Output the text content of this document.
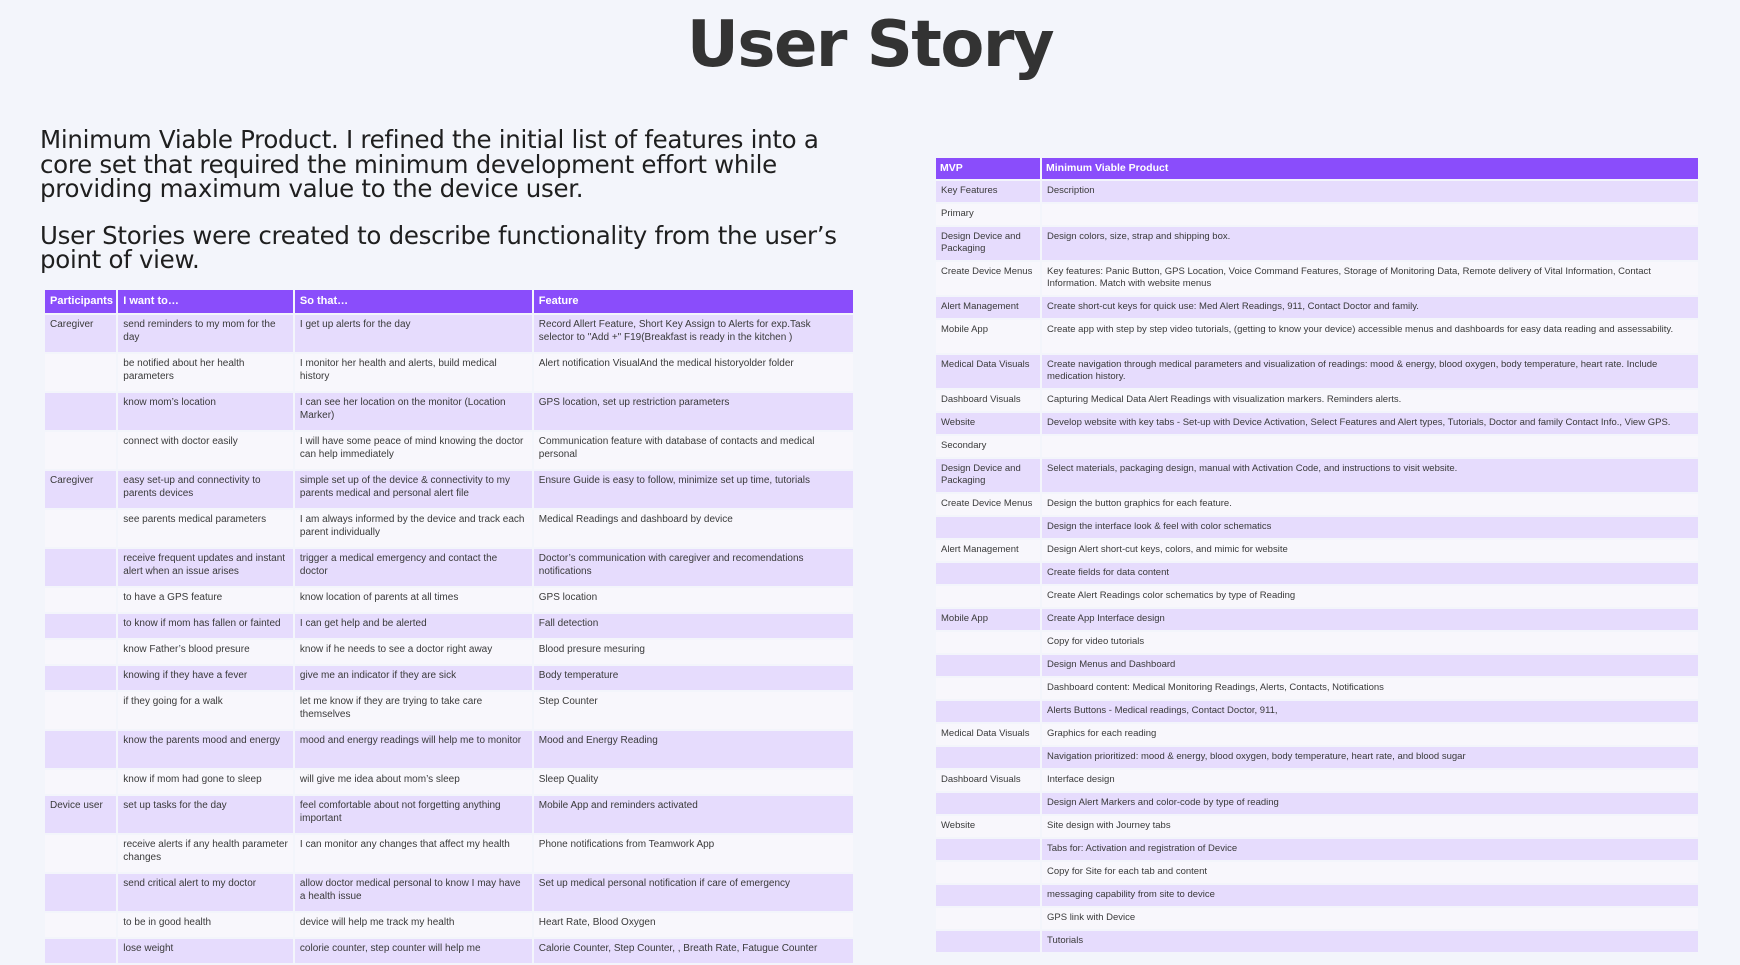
User Story

Minimum Viable Product. I refined the initial list of features into a core set that required the minimum development effort while providing maximum value to the device user.

User Stories were created to describe functionality from the user’s point of view.

Participants	I want to…	So that…	Feature
Caregiver	send reminders to my mom for the day	I get up alerts for the day	Record Allert Feature, Short Key Assign to Alerts for exp.Task selector to "Add +" F19(Breakfast is ready in the kitchen )
	be notified about her health parameters	I monitor her health and alerts, build medical history	Alert notification VisualAnd the medical historyolder folder
	know mom’s location	I can see her location on the monitor (Location Marker)	GPS location, set up restriction parameters
	connect with doctor easily	I will have some peace of mind knowing the doctor can help immediately	Communication feature with database of contacts and medical personal
Caregiver	easy set-up and connectivity to parents devices	simple set up of the device & connectivity to my parents medical and personal alert file	Ensure Guide is easy to follow, minimize set up time, tutorials
	see parents medical parameters	I am always informed by the device and track each parent individually	Medical Readings and dashboard by device
	receive frequent updates and instant alert when an issue arises	trigger a medical emergency and contact the doctor	Doctor’s communication with caregiver and recomendations notifications
	to have a GPS feature	know location of parents at all times	GPS location
	to know if mom has fallen or fainted	I can get help and be alerted	Fall detection
	know Father’s blood presure	know if he needs to see a doctor right away	Blood presure mesuring
	knowing if they have a fever	give me an indicator if they are sick	Body temperature
	if they going for a walk	let me know if they are trying to take care themselves	Step Counter
	know the parents mood and energy	mood and energy readings will help me to monitor	Mood and Energy Reading
	know if mom had gone to sleep	will give me idea about mom’s sleep	Sleep Quality
Device user	set up tasks for the day	feel comfortable about not forgetting anything important	Mobile App and reminders activated
	receive alerts if any health parameter changes	I can monitor any changes that affect my health	Phone notifications from Teamwork App
	send critical alert to my doctor	allow doctor medical personal to know I may have a health issue	Set up medical personal notification if care of emergency
	to be in good health	device will help me track my health	Heart Rate, Blood Oxygen
	lose weight	colorie counter, step counter will help me	Calorie Counter, Step Counter, , Breath Rate, Fatugue Counter
MVP	Minimum Viable Product
Key Features	Description
Primary	
Design Device and Packaging	Design colors, size, strap and shipping box.
Create Device Menus	Key features: Panic Button, GPS Location, Voice Command Features, Storage of Monitoring Data, Remote delivery of Vital Information, Contact Information. Match with website menus
Alert Management	Create short-cut keys for quick use: Med Alert Readings, 911, Contact Doctor and family.
Mobile App	Create app with step by step video tutorials, (getting to know your device) accessible menus and dashboards for easy data reading and assessability.
Medical Data Visuals	Create navigation through medical parameters and visualization of readings: mood & energy, blood oxygen, body temperature, heart rate. Include medication history.
Dashboard Visuals	Capturing Medical Data Alert Readings with visualization markers. Reminders alerts.
Website	Develop website with key tabs - Set-up with Device Activation, Select Features and Alert types, Tutorials, Doctor and family Contact Info., View GPS.
Secondary	
Design Device and Packaging	Select materials, packaging design, manual with Activation Code, and instructions to visit website.
Create Device Menus	Design the button graphics for each feature.
	Design the interface look & feel with color schematics
Alert Management	Design Alert short-cut keys, colors, and mimic for website
	Create fields for data content
	Create Alert Readings color schematics by type of Reading
Mobile App	Create App Interface design
	Copy for video tutorials
	Design Menus and Dashboard
	Dashboard content: Medical Monitoring Readings, Alerts, Contacts, Notifications
	Alerts Buttons - Medical readings, Contact Doctor, 911,
Medical Data Visuals	Graphics for each reading
	Navigation prioritized: mood & energy, blood oxygen, body temperature, heart rate, and blood sugar
Dashboard Visuals	Interface design
	Design Alert Markers and color-code by type of reading
Website	Site design with Journey tabs
	Tabs for: Activation and registration of Device
	Copy for Site for each tab and content
	messaging capability from site to device
	GPS link with Device
	Tutorials
